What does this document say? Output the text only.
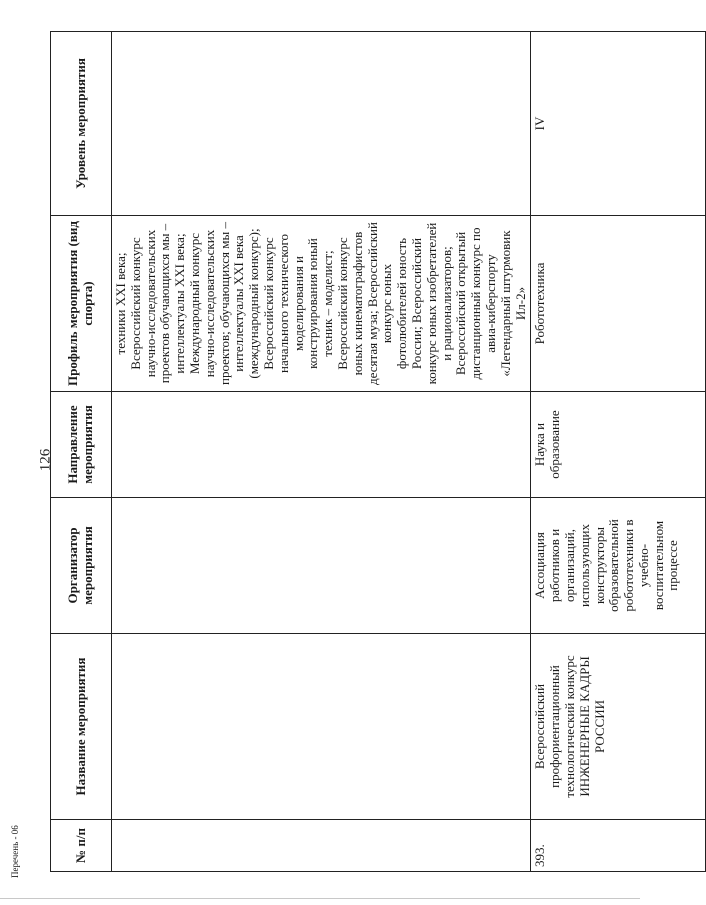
№ п/п	Название мероприятия	Организатор мероприятия	Направление мероприятия	Профиль мероприятия (вид спорта)	Уровень мероприятия
				техники XXI века; Всероссийский конкурс научно-исследовательских проектов обучающихся мы – интеллектуалы XXI века; Международный конкурс научно-исследовательских проектов; обучающихся мы – интеллектуалы XXI века (международный конкурс); Всероссийский конкурс начального технического моделирования и конструирования юный техник – моделист; Всероссийский конкурс юных кинематографистов десятая муза; Всероссийский конкурс юных фотолюбителей юность России; Всероссийский конкурс юных изобретателей и рационализаторов; Всероссийский открытый дистанционный конкурс по авиа-киберспорту «Легендарный штурмовик Ил-2»	
393.	Всероссийский профориентационный технологический конкурс ИНЖЕНЕРНЫЕ КАДРЫ РОССИИ	Ассоциация работников и организаций, использующих конструкторы образовательной робототехники в учебно-воспитательном процессе	Наука и образование	Робототехника	IV
126
Перечень - 06
